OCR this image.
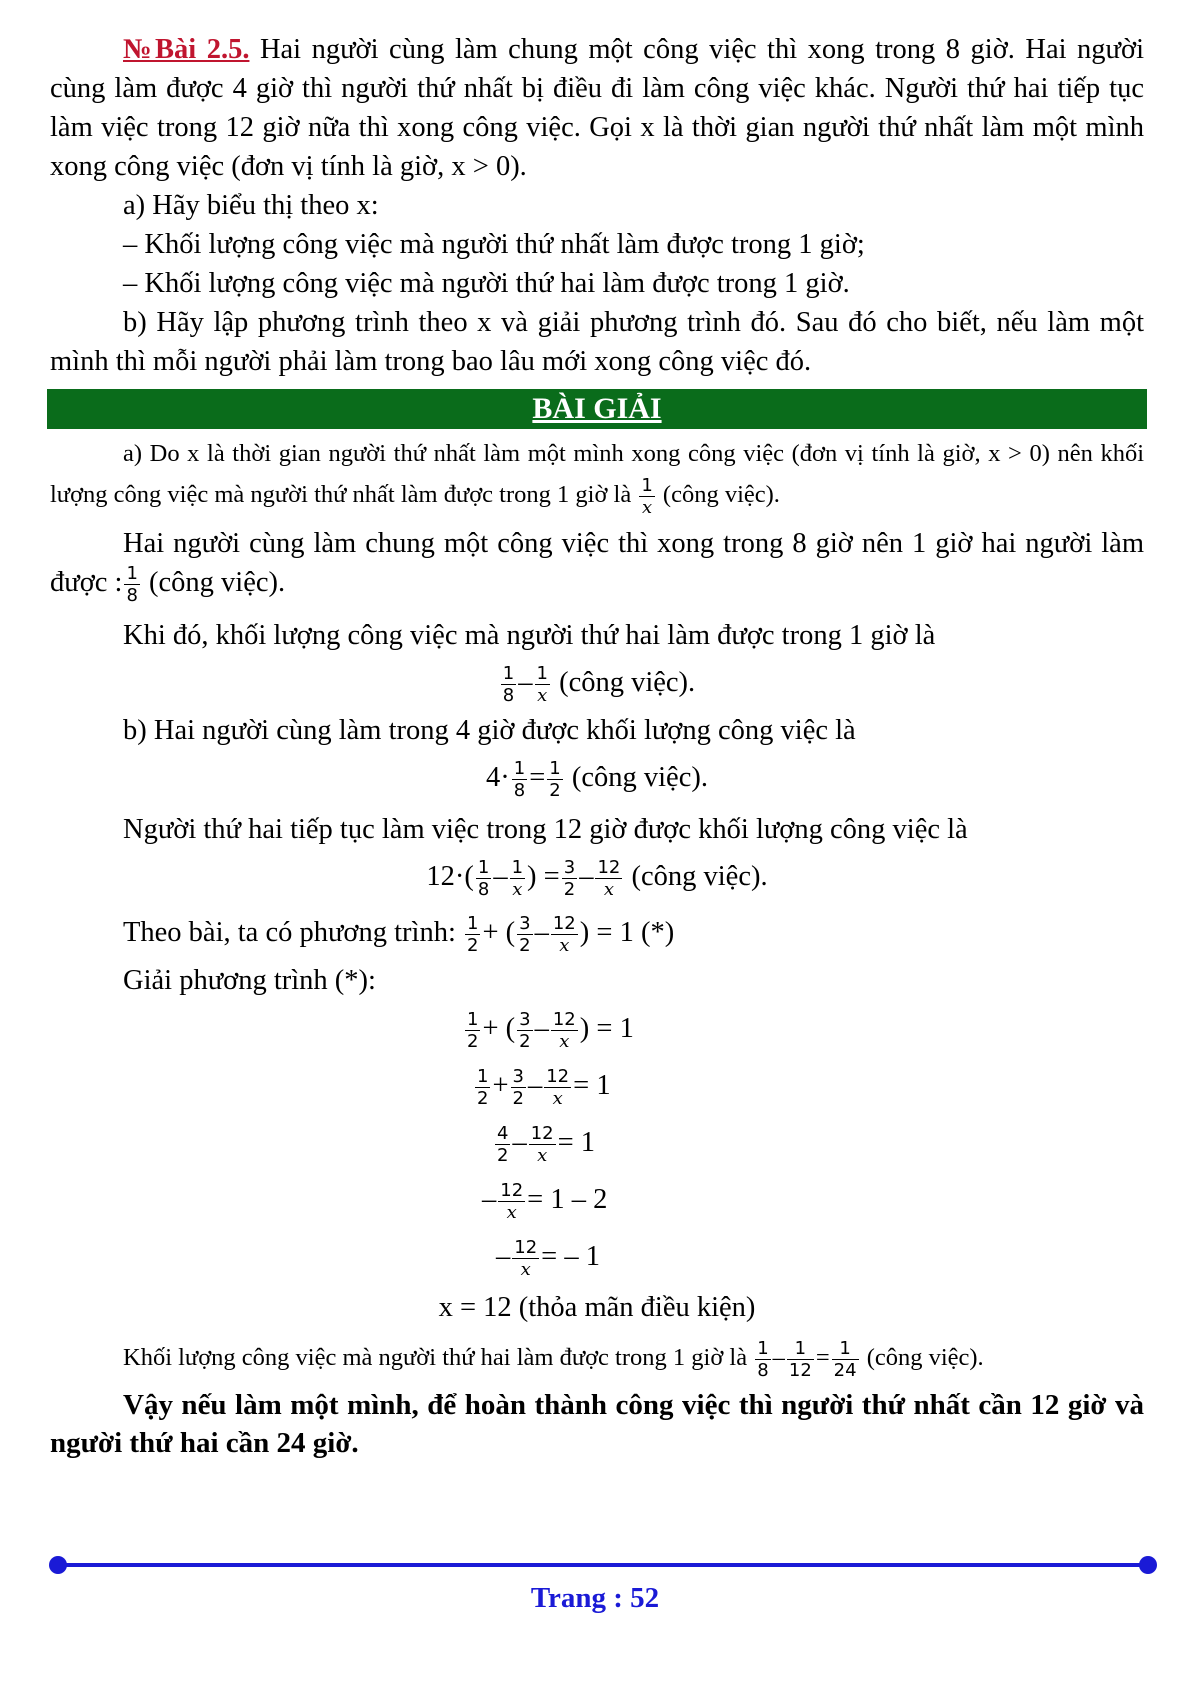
№Bài 2.5. Hai người cùng làm chung một công việc thì xong trong 8 giờ. Hai người cùng làm được 4 giờ thì người thứ nhất bị điều đi làm công việc khác. Người thứ hai tiếp tục làm việc trong 12 giờ nữa thì xong công việc. Gọi x là thời gian người thứ nhất làm một mình xong công việc (đơn vị tính là giờ, x > 0).

a) Hãy biểu thị theo x:

– Khối lượng công việc mà người thứ nhất làm được trong 1 giờ;

– Khối lượng công việc mà người thứ hai làm được trong 1 giờ.

b) Hãy lập phương trình theo x và giải phương trình đó. Sau đó cho biết, nếu làm một mình thì mỗi người phải làm trong bao lâu mới xong công việc đó.

BÀI GIẢI

a) Do x là thời gian người thứ nhất làm một mình xong công việc (đơn vị tính là giờ, x > 0) nên khối lượng công việc mà người thứ nhất làm được trong 1 giờ là $\frac{1}{x}$ (công việc).

Hai người cùng làm chung một công việc thì xong trong 8 giờ nên 1 giờ hai người làm được : $\frac{1}{8}$ (công việc).

Khi đó, khối lượng công việc mà người thứ hai làm được trong 1 giờ là

$\frac{1}{8} - \frac{1}{x}$ (công việc).

b) Hai người cùng làm trong 4 giờ được khối lượng công việc là

$4\cdot \frac{1}{8} = \frac{1}{2}$ (công việc).

Người thứ hai tiếp tục làm việc trong 12 giờ được khối lượng công việc là

$12\cdot( \frac{1}{8} - \frac{1}{x}$ ) = $\frac{3}{2} - \frac{12}{x}$ (công việc).
Theo bài, ta có phương trình: $\frac{1}{2}$ + ( $\frac{3}{2} - \frac{12}{x}$ ) = 1 (*)

Giải phương trình (*):

$\frac{1}{2}$ + ( $\frac{3}{2} - \frac{12}{x}$ ) = 1
$\frac{1}{2} + \frac{3}{2} - \frac{12}{x} = 1$
$\frac{4}{2} - \frac{12}{x} = 1$
– $\frac{12}{x} = 1 - 2$
– $\frac{12}{x}$ = – 1
x = 12 (thỏa mãn điều kiện)
Khối lượng công việc mà người thứ hai làm được trong 1 giờ là $\frac{1}{8} - \frac{1}{12} = \frac{1}{24}$ (công việc).

Vậy nếu làm một mình, để hoàn thành công việc thì người thứ nhất cần 12 giờ và người thứ hai cần 24 giờ.

Trang : 52
